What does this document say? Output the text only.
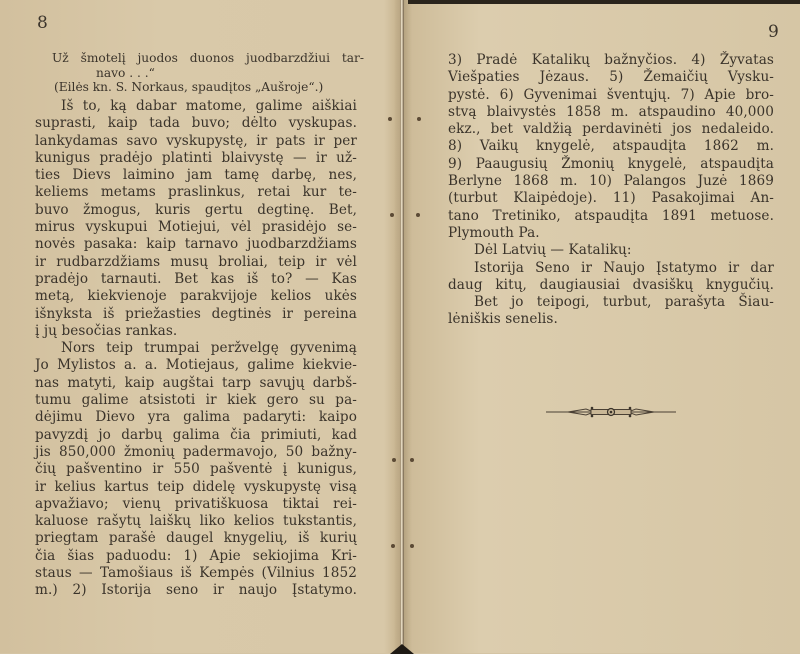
8
Už šmotelį juodos duonos juodbarzdžiui tar-
navo . . .“
(Eilės kn. S. Norkaus, spaudįtos „Aušroje“.)
Iš to, ką dabar matome, galime aiškiai
suprasti, kaip tada buvo; dėlto vyskupas.
lankydamas savo vyskupystę, ir pats ir per
kunigus pradėjo platinti blaivystę — ir už-
ties Dievs laimino jam tamę darbę, nes,
keliems metams praslinkus, retai kur te-
buvo žmogus, kuris gertu degtinę. Bet,
mirus vyskupui Motiejui, vėl prasidėjo se-
novės pasaka: kaip tarnavo juodbarzdžiams
ir rudbarzdžiams musų broliai, teip ir vėl
pradėjo tarnauti. Bet kas iš to? — Kas
metą, kiekvienoje parakvijoje kelios ukės
išnyksta iš priežasties degtinės ir pereina
į jų besočias rankas.
Nors teip trumpai peržvelgę gyvenimą
Jo Mylistos a. a. Motiejaus, galime kiekvie-
nas matyti, kaip augštai tarp savųjų darbš-
tumu galime atsistoti ir kiek gero su pa-
dėjimu Dievo yra galima padaryti: kaipo
pavyzdį jo darbų galima čia primiuti, kad
jis 850,000 žmonių padermavojo, 50 bažny-
čių pašventino ir 550 pašventė į kunigus,
ir kelius kartus teip didelę vyskupystę visą
apvažiavo; vienų privatiškuosa tiktai rei-
kaluose rašytų laiškų liko kelios tukstantis,
priegtam parašė daugel knygelių, iš kurių
čia šias paduodu: 1) Apie sekiojima Kri-
staus — Tamošiaus iš Kempės (Vilnius 1852
m.) 2) Istorija seno ir naujo Įstatymo.
9
3) Pradė Katalikų bažnyčios. 4) Žyvatas
Viešpaties Jėzaus. 5) Žemaičių Vysku-
pystė. 6) Gyvenimai šventųjų. 7) Apie bro-
stvą blaivystės 1858 m. atspaudino 40,000
ekz., bet valdžią perdavinėti jos nedaleido.
8) Vaikų knygelė, atspaudįta 1862 m.
9) Paaugusių Žmonių knygelė, atspaudįta
Berlyne 1868 m. 10) Palangos Juzė 1869
(turbut Klaipėdoje). 11) Pasakojimai An-
tano Tretiniko, atspaudįta 1891 metuose.
Plymouth Pa.
Dėl Latvių — Katalikų:
Istorija Seno ir Naujo Įstatymo ir dar
daug kitų, daugiausiai dvasiškų knygučių.
Bet jo teipogi, turbut, parašyta Šiau-
lėniškis senelis.
